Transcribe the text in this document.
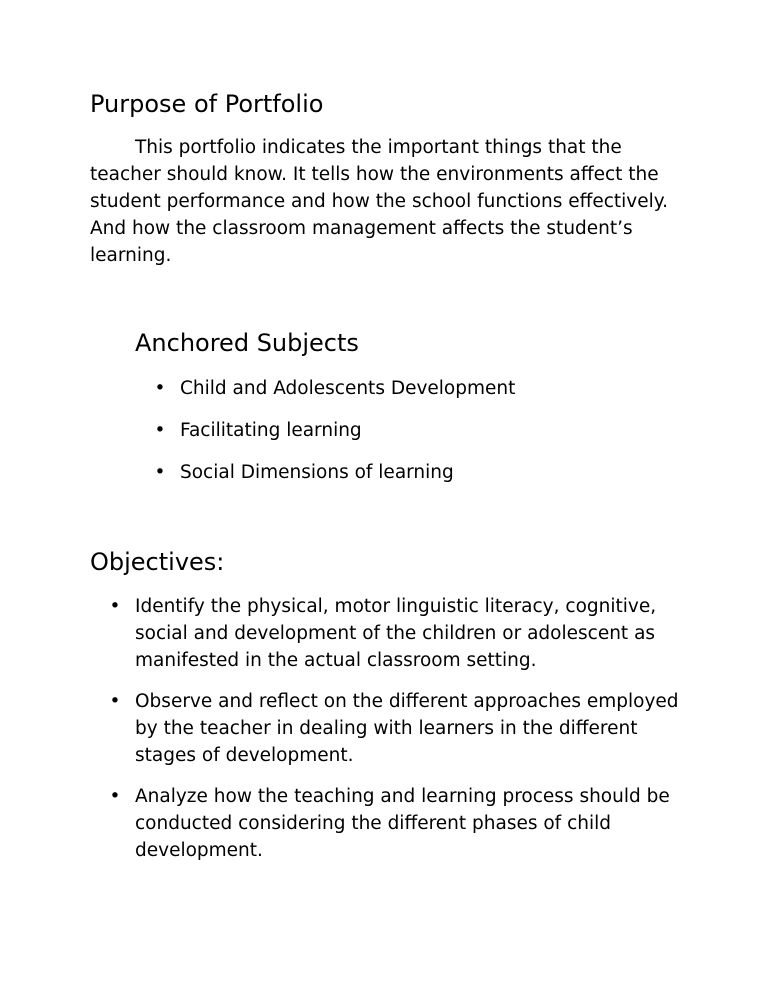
Purpose of Portfolio

This portfolio indicates the important things that the teacher should know. It tells how the environments affect the student performance and how the school functions effectively. And how the classroom management affects the student’s learning.

Anchored Subjects
• Child and Adolescents Development
• Facilitating learning
• Social Dimensions of learning
Objectives:
• Identify the physical, motor linguistic literacy, cognitive, social and development of the children or adolescent as manifested in the actual classroom setting.
• Observe and reflect on the different approaches employed by the teacher in dealing with learners in the different stages of development.
• Analyze how the teaching and learning process should be conducted considering the different phases of child development.
